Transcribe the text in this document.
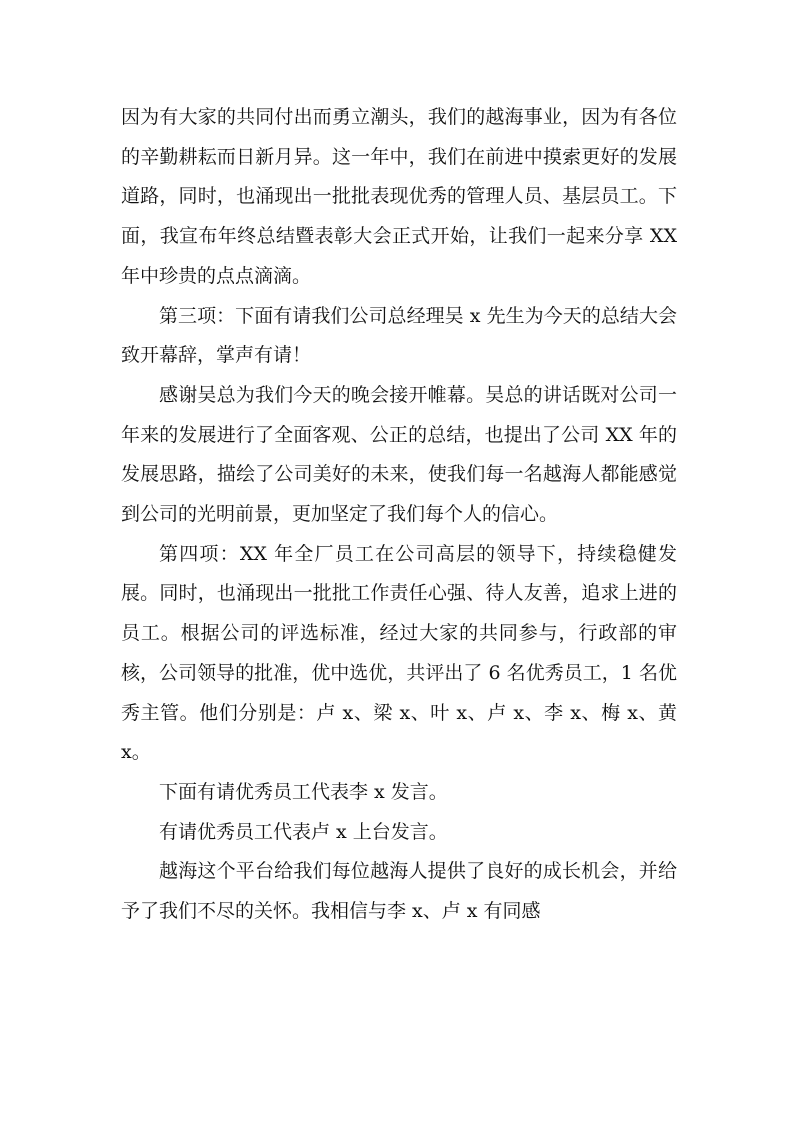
因为有大家的共同付出而勇立潮头，我们的越海事业，因为有各位的辛勤耕耘而日新月异。这一年中，我们在前进中摸索更好的发展道路，同时，也涌现出一批批表现优秀的管理人员、基层员工。下面，我宣布年终总结暨表彰大会正式开始，让我们一起来分享 XX 年中珍贵的点点滴滴。

第三项：下面有请我们公司总经理吴 x 先生为今天的总结大会致开幕辞，掌声有请！

感谢吴总为我们今天的晚会接开帷幕。吴总的讲话既对公司一年来的发展进行了全面客观、公正的总结，也提出了公司 XX 年的发展思路，描绘了公司美好的未来，使我们每一名越海人都能感觉到公司的光明前景，更加坚定了我们每个人的信心。

第四项：XX 年全厂员工在公司高层的领导下，持续稳健发展。同时，也涌现出一批批工作责任心强、待人友善，追求上进的员工。根据公司的评选标准，经过大家的共同参与，行政部的审核，公司领导的批准，优中选优，共评出了 6 名优秀员工，1 名优秀主管。他们分别是：卢 x、梁 x、叶 x、卢 x、李 x、梅 x、黄 x。

下面有请优秀员工代表李 x 发言。

有请优秀员工代表卢 x 上台发言。

越海这个平台给我们每位越海人提供了良好的成长机会，并给予了我们不尽的关怀。我相信与李 x、卢 x 有同感
